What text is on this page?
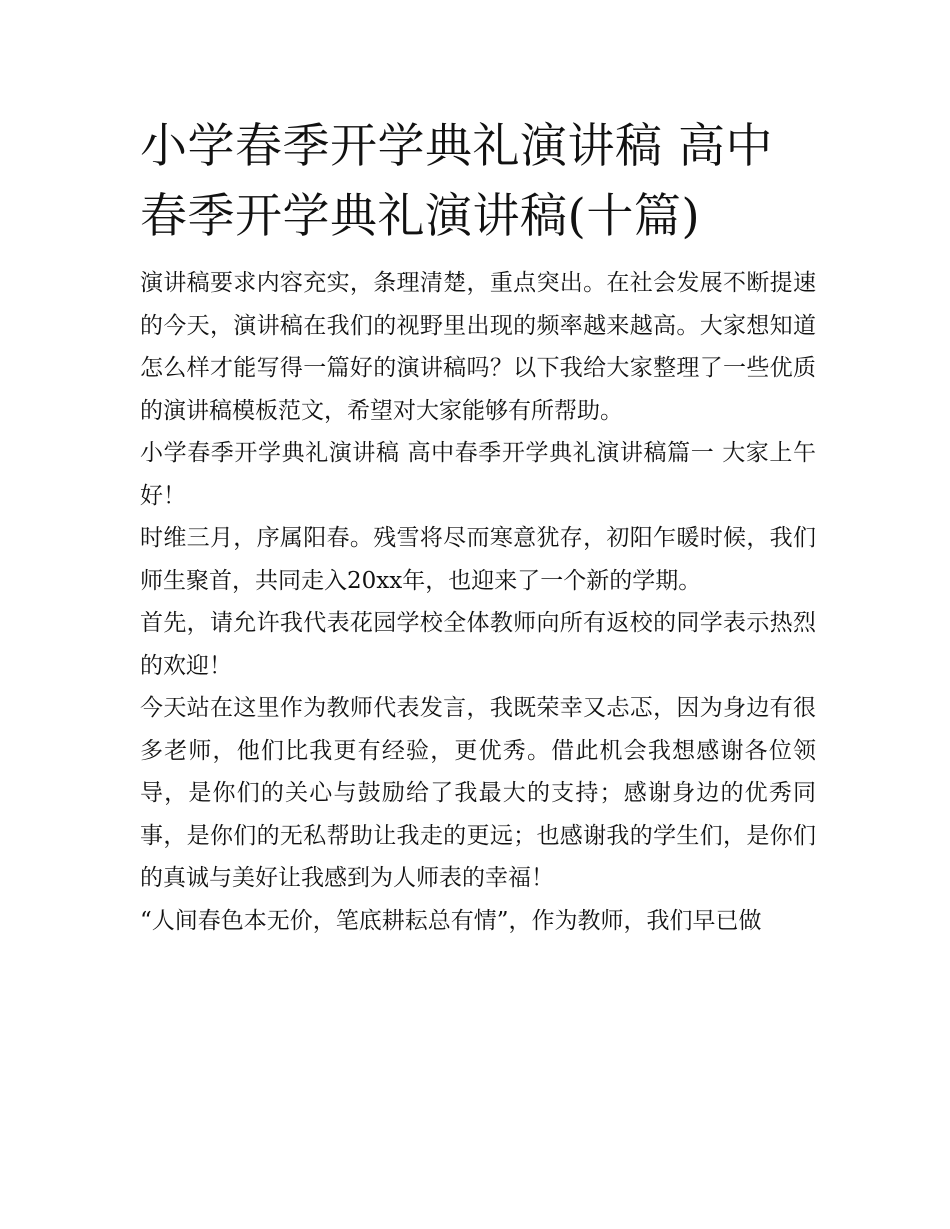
小学春季开学典礼演讲稿 高中春季开学典礼演讲稿(十篇)

演讲稿要求内容充实，条理清楚，重点突出。在社会发展不断提速的今天，演讲稿在我们的视野里出现的频率越来越高。大家想知道怎么样才能写得一篇好的演讲稿吗？以下我给大家整理了一些优质的演讲稿模板范文，希望对大家能够有所帮助。

小学春季开学典礼演讲稿 高中春季开学典礼演讲稿篇一 大家上午好！

时维三月，序属阳春。残雪将尽而寒意犹存，初阳乍暖时候，我们师生聚首，共同走入20xx年，也迎来了一个新的学期。

首先，请允许我代表花园学校全体教师向所有返校的同学表示热烈的欢迎！

今天站在这里作为教师代表发言，我既荣幸又忐忑，因为身边有很多老师，他们比我更有经验，更优秀。借此机会我想感谢各位领导，是你们的关心与鼓励给了我最大的支持；感谢身边的优秀同事，是你们的无私帮助让我走的更远；也感谢我的学生们，是你们的真诚与美好让我感到为人师表的幸福！

“人间春色本无价，笔底耕耘总有情”，作为教师，我们早已做
